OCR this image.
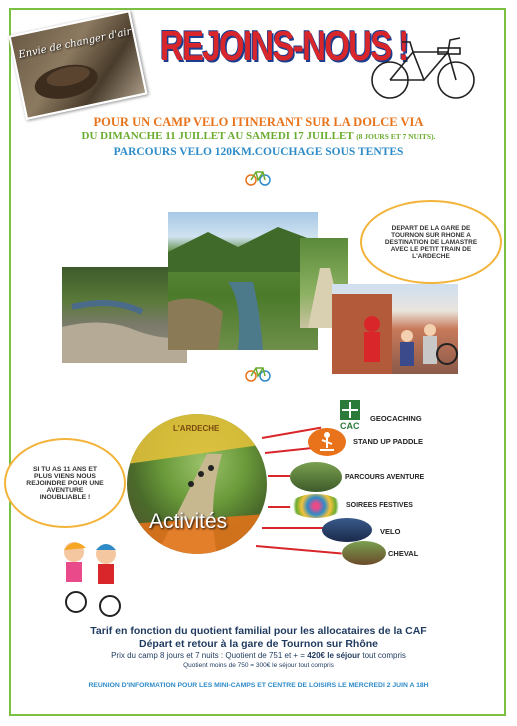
Envie de changer d'air ! REJOINS-NOUS !
POUR UN CAMP VELO ITINERANT SUR LA DOLCE VIA
DU DIMANCHE 11 JUILLET AU SAMEDI 17 JUILLET (8 JOURS ET 7 NUITS).
PARCOURS VELO 120KM.COUCHAGE SOUS TENTES
DEPART DE LA GARE DE TOURNON SUR RHONE A DESTINATION DE LAMASTRE AVEC LE PETIT TRAIN DE L'ARDECHE
SI TU AS 11 ANS ET PLUS VIENS NOUS REJOINDRE POUR UNE AVENTURE INOUBLIABLE !
L'ARDECHE
Activités
CAC
GEOCACHING
STAND UP PADDLE
PARCOURS AVENTURE
SOIREES FESTIVES
VELO
CHEVAL
Tarif en fonction du quotient familial pour les allocataires de la CAF
Départ et retour à la gare de Tournon sur Rhône
Prix du camp 8 jours et 7 nuits : Quotient de 751 et + = 420€ le séjour tout compris
Quotient moins de 750 = 300€ le séjour tout compris
REUNION D'INFORMATION POUR LES MINI-CAMPS ET CENTRE DE LOISIRS LE MERCREDI 2 JUIN A 18H
